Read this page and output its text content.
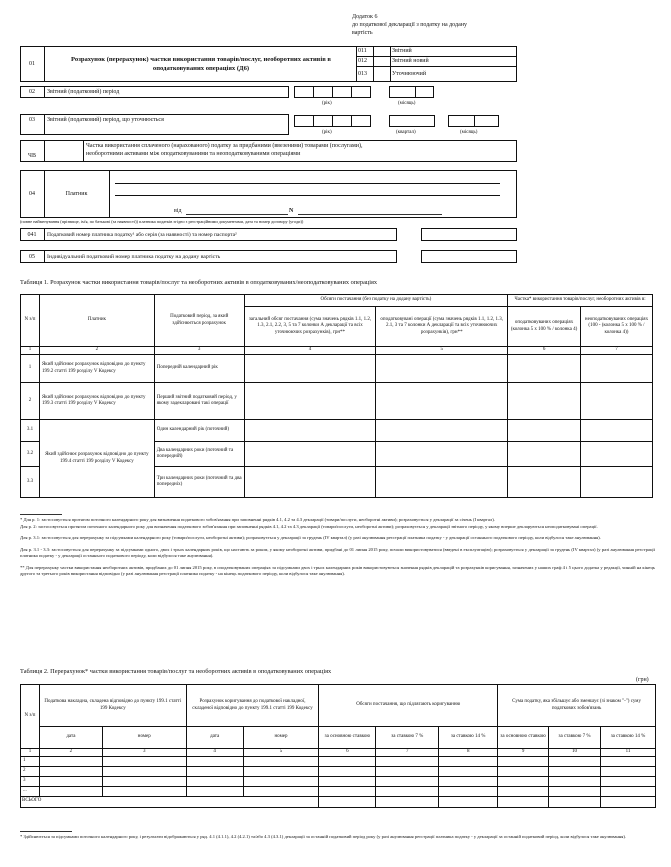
Додаток 6
до податкової декларації з податку на додану
вартість
01
Розрахунок (перерахунок) частки використання товарів/послуг, необоротних активів в оподатковуваних операціях (Д6)
011	Звітний
012	Звітний новий
013	Уточнюючий
02	Звітний (податковий) період
(рік)	(місяць)
03	Звітний (податковий) період, що уточнюється
(рік)	(квартал)	(місяць)
ЧВ
Частка використання сплаченого (нарахованого) податку за придбаними (ввезеними) товарами (послугами),
необоротними активами між оподатковуваними та неоподатковуваними операціями
04	Платник
від	N
(повне найменування (прізвище, ім'я, по батькові (за наявності)) платника податків згідно з реєстраційними документами, дата та номер договору (угоди))
041	Податковий номер платника податку¹ або серія (за наявності) та номер паспорта²
05	Індивідуальний податковий номер платника податку на додану вартість
Таблиця 1. Розрахунок частки використання товарів/послуг та необоротних активів в оподатковуваних/неоподатковуваних операціях
N з/п	Платник	Податковий період, за який здійснюється розрахунок	Обсяги постачання (без податку на додану вартість)		Частка* використання товарів/послуг, необоротних активів в:	
			загальний обсяг постачання (сума значень рядків 1.1, 1.2, 1.3, 2.1, 2.2, 3, 5 та 7 колонки А декларації та всіх уточнюючих розрахунків), грн**	оподатковувані операції (сума значень рядків 1.1, 1.2, 1.3, 2.1, 3 та 7 колонки А декларації та всіх уточнюючих розрахунків), грн**	оподатковуваних операціях (колонка 5 х 100 % / колонка 4)	неоподатковуваних операціях (100 - (колонка 5 х 100 % / колонка 4))
1	2	3	4	5	6	7
1	Який здійснює розрахунок відповідно до пункту 199.2 статті 199 розділу V Кодексу	Попередній календарний рік				
2	Який здійснює розрахунок відповідно до пункту 199.3 статті 199 розділу V Кодексу	Перший звітний податковий період, у якому задекларовані такі операції				
3.1	Який здійснює розрахунок відповідно до пункту 199.4 статті 199 розділу V Кодексу	Один календарний рік (поточний)				
3.2		Два календарних роки (поточний та попередній)				
3.3		Три календарних роки (поточний та два попередніх)				
* Для р. 1: застосовується протягом поточного календарного року для визначення податкового зобов'язання при заповненні рядків 4.1, 4.2 та 4.3 декларації (товари/послуги, необоротні активи); розраховується у декларації за січень (I квартал).
Для р. 2: застосовується протягом поточного календарного року для визначення податкового зобов'язання при заповненні рядків 4.1, 4.2 та 4.3 декларації (товари/послуги, необоротні активи); розраховується у декларації звітного періоду, у якому вперше декларуються неоподатковувані операції.
Для р. 3.1: застосовується для перерахунку за підсумками календарного року (товари/послуги, необоротні активи); розраховується у декларації за грудень (IV квартал) (у разі анулювання реєстрації платника податку - у декларації останнього податкового періоду, коли відбулося таке анулювання).
Для р. 3.1 - 3.3: застосовується для перерахунку за підсумками одного, двох і трьох календарних років, що настають за роком, у якому необоротні активи, придбані до 01 липня 2015 року, почали використовуватися (введені в експлуатацію); розраховується у декларації за грудень (IV квартал) (у разі анулювання реєстрації платника податку - у декларації останнього податкового періоду, коли відбулося таке анулювання).
** Для перерахунку частки використання необоротних активів, придбаних до 01 липня 2015 року, в оподатковуваних операціях за підсумками двох і трьох календарних років використовуються значення рядків декларацій та розрахунків коригування, зазначених у наших граф 4 і 5 цього додатка у редакції, чинній на кінець другого та третього років використання відповідно (у разі анулювання реєстрації платника податку - на кінець податкового періоду, коли відбулося таке анулювання).
Таблиця 2. Перерахунок* частки використання товарів/послуг та необоротних активів в оподатковуваних операціях
(грн)
N з/п	Податкова накладна, складена відповідно до пункту 199.1 статті 199 Кодексу		Розрахунок коригування до податкової накладної, складеної відповідно до пункту 199.1 статті 199 Кодексу		Обсяги постачання, що підлягають коригуванню			Сума податку, яка збільшує або зменшує (зі знаком "-") суму податкових зобов'язань		
	дата	номер	дата	номер	за основною ставкою	за ставкою 7 %	за ставкою 14 %	за основною ставкою	за ставкою 7 %	за ставкою 14 %
1	2	3	4	5	6	7	8	9	10	11
1										
2										
3										
...										
ВСЬОГО										
* Здійснюється за підсумками поточного календарного року, і результати відображаються у ряд. 4.1 (4.1.1), 4.2 (4.2.1) та/або 4.3 (4.3.1) декларації за останній податковий період року (у разі анулювання реєстрації платника податку - у декларації за останній податковий період, коли відбулося таке анулювання).
